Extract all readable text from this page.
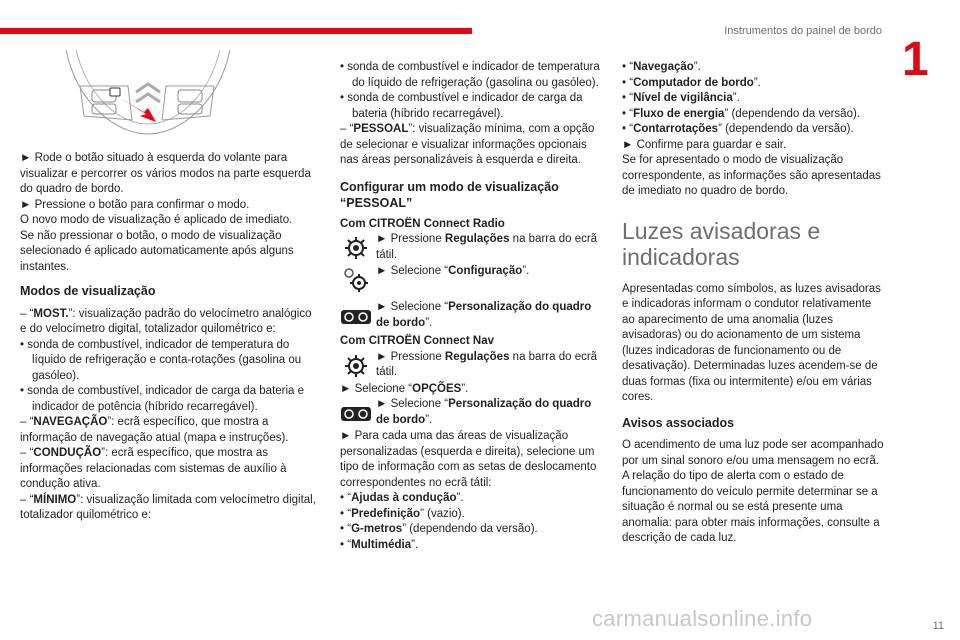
Instrumentos do painel de bordo
1

► Rode o botão situado à esquerda do volante para visualizar e percorrer os vários modos na parte esquerda do quadro de bordo.

► Pressione o botão para confirmar o modo.

O novo modo de visualização é aplicado de imediato.

Se não pressionar o botão, o modo de visualização selecionado é aplicado automaticamente após alguns instantes.

Modos de visualização

– “MOST.”: visualização padrão do velocímetro analógico e do velocímetro digital, totalizador quilométrico e:

• sonda de combustível, indicador de temperatura do líquido de refrigeração e conta-rotações (gasolina ou gasóleo).

• sonda de combustível, indicador de carga da bateria e indicador de potência (híbrido recarregável).

– “NAVEGAÇÃO”: ecrã específico, que mostra a informação de navegação atual (mapa e instruções).

– “CONDUÇÃO”: ecrã específico, que mostra as informações relacionadas com sistemas de auxílio à condução ativa.

– “MÍNIMO”: visualização limitada com velocímetro digital, totalizador quilométrico e:

• sonda de combustível e indicador de temperatura do líquido de refrigeração (gasolina ou gasóleo).

• sonda de combustível e indicador de carga da bateria (híbrido recarregável).

– “PESSOAL”: visualização mínima, com a opção de selecionar e visualizar informações opcionais nas áreas personalizáveis à esquerda e direita.

Configurar um modo de visualização “PESSOAL”
Com CITROËN Connect Radio

► Pressione Regulações na barra do ecrã tátil.

► Selecione “Configuração”.

► Selecione “Personalização do quadro de bordo”.

Com CITROËN Connect Nav

► Pressione Regulações na barra do ecrã tátil.

► Selecione “OPÇÕES”.

► Selecione “Personalização do quadro de bordo”.

► Para cada uma das áreas de visualização personalizadas (esquerda e direita), selecione um tipo de informação com as setas de deslocamento correspondentes no ecrã tátil:

• “Ajudas à condução”.

• “Predefinição” (vazio).

• “G-metros” (dependendo da versão).

• “Multimédia”.

• “Navegação”.

• “Computador de bordo”.

• “Nível de vigilância”.

• “Fluxo de energia” (dependendo da versão).

• “Contarrotações” (dependendo da versão).

► Confirme para guardar e sair.

Se for apresentado o modo de visualização correspondente, as informações são apresentadas de imediato no quadro de bordo.

Luzes avisadoras e indicadoras

Apresentadas como símbolos, as luzes avisadoras e indicadoras informam o condutor relativamente ao aparecimento de uma anomalia (luzes avisadoras) ou do acionamento de um sistema (luzes indicadoras de funcionamento ou de desativação). Determinadas luzes acendem-se de duas formas (fixa ou intermitente) e/ou em várias cores.

Avisos associados

O acendimento de uma luz pode ser acompanhado por um sinal sonoro e/ou uma mensagem no ecrã.

A relação do tipo de alerta com o estado de funcionamento do veículo permite determinar se a situação é normal ou se está presente uma anomalia: para obter mais informações, consulte a descrição de cada luz.

carmanualsonline.info	11
